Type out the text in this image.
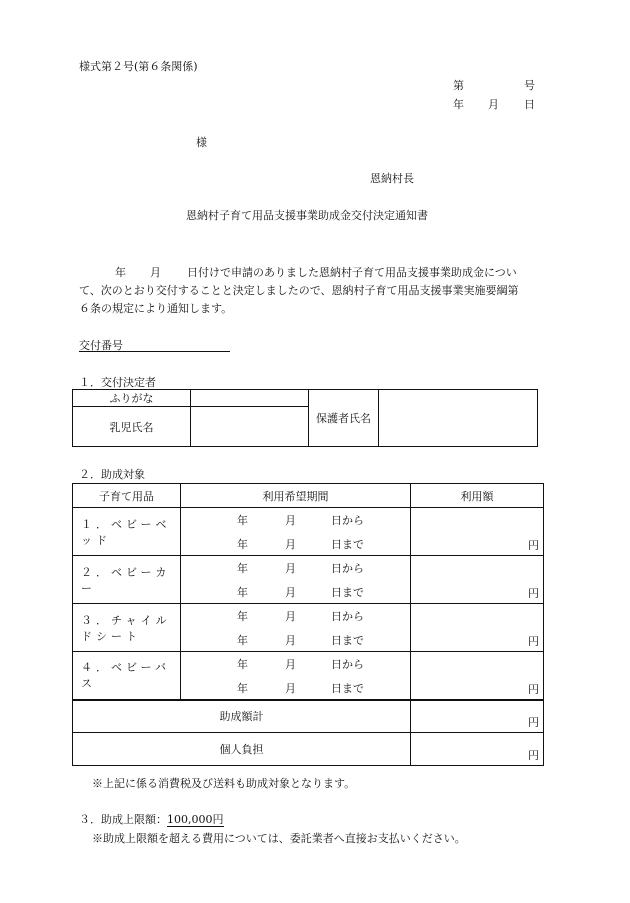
様式第２号(第６条関係)
第	号
年 月 日
様
恩納村長
恩納村子育て用品支援事業助成金交付決定通知書
年 月 日付けで申請のありました恩納村子育て用品支援事業助成金につい
て、次のとおり交付することと決定しましたので、恩納村子育て用品支援事業実施要綱第
６条の規定により通知します。
交付番号
１．交付決定者
ふりがな		保護者氏名	
乳児氏名			
２．助成対象
子育て用品	利用希望期間	利用額
１．ベビーベッド	年 月 日から	円

	年 月 日まで	

２．ベビーカー	年 月 日から	円

	年 月 日まで	

３．チャイルドシート	年 月 日から	円

	年 月 日まで	

４．ベビーバス	年 月 日から	円

	年 月 日まで	

助成額計		円

個人負担		円
※上記に係る消費税及び送料も助成対象となります。
３．助成上限額：100,000円
※助成上限額を超える費用については、委託業者へ直接お支払いください。
